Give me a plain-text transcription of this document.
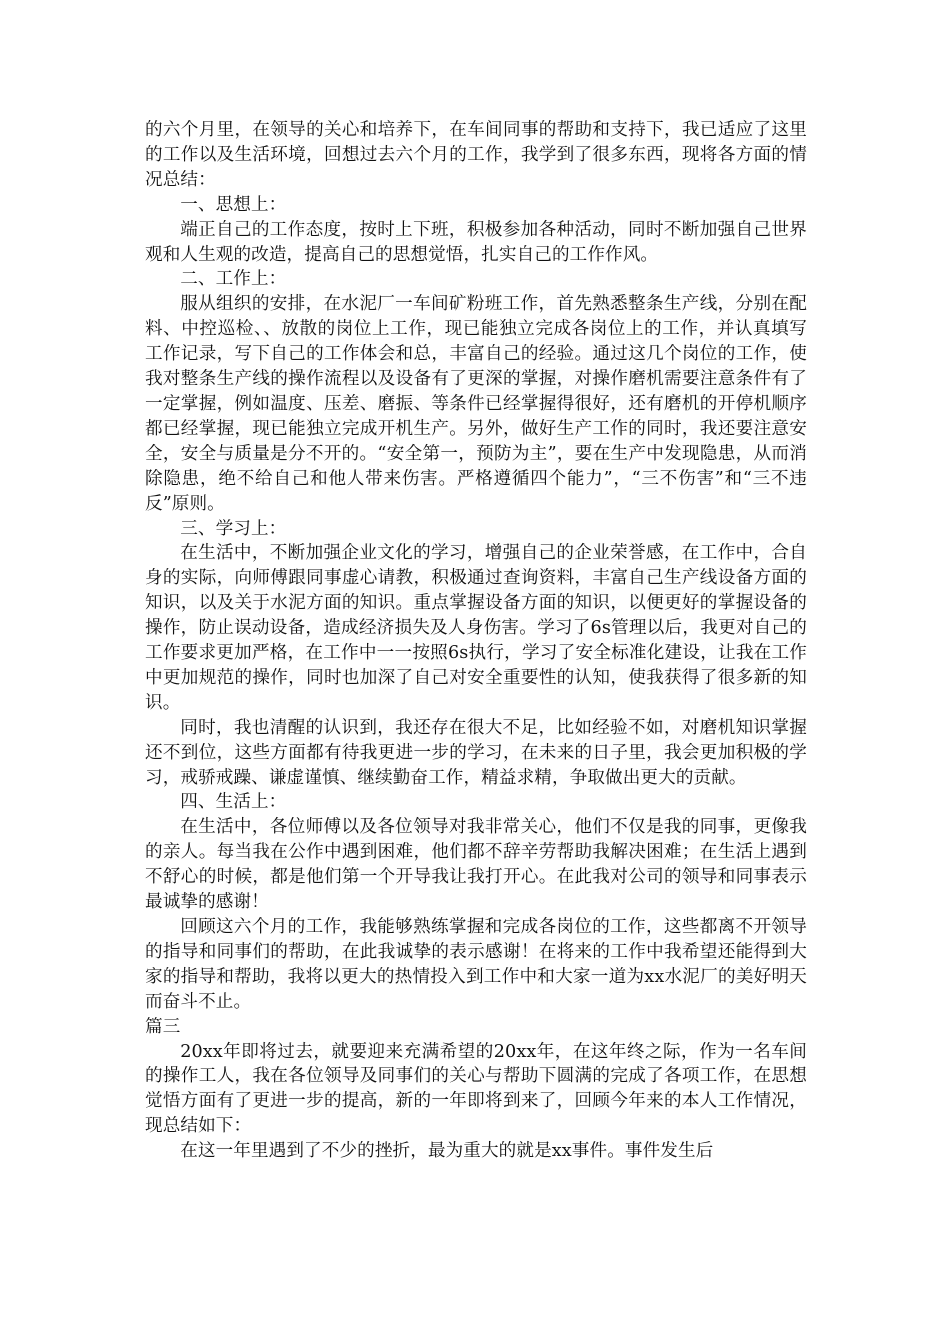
的六个月里，在领导的关心和培养下，在车间同事的帮助和支持下，我已适应了这里的工作以及生活环境，回想过去六个月的工作，我学到了很多东西，现将各方面的情况总结：

一、思想上：

端正自己的工作态度，按时上下班，积极参加各种活动，同时不断加强自己世界观和人生观的改造，提高自己的思想觉悟，扎实自己的工作作风。

二、工作上：

服从组织的安排，在水泥厂一车间矿粉班工作，首先熟悉整条生产线，分别在配料、中控巡检、、放散的岗位上工作，现已能独立完成各岗位上的工作，并认真填写工作记录，写下自己的工作体会和总，丰富自己的经验。通过这几个岗位的工作，使我对整条生产线的操作流程以及设备有了更深的掌握，对操作磨机需要注意条件有了一定掌握，例如温度、压差、磨振、等条件已经掌握得很好，还有磨机的开停机顺序都已经掌握，现已能独立完成开机生产。另外，做好生产工作的同时，我还要注意安全，安全与质量是分不开的。“安全第一，预防为主”，要在生产中发现隐患，从而消除隐患，绝不给自己和他人带来伤害。严格遵循四个能力”，“三不伤害”和“三不违反”原则。

三、学习上：

在生活中，不断加强企业文化的学习，增强自己的企业荣誉感，在工作中，合自身的实际，向师傅跟同事虚心请教，积极通过查询资料，丰富自己生产线设备方面的知识，以及关于水泥方面的知识。重点掌握设备方面的知识，以便更好的掌握设备的操作，防止误动设备，造成经济损失及人身伤害。学习了6s管理以后，我更对自己的工作要求更加严格，在工作中一一按照6s执行，学习了安全标准化建设，让我在工作中更加规范的操作，同时也加深了自己对安全重要性的认知，使我获得了很多新的知识。

同时，我也清醒的认识到，我还存在很大不足，比如经验不如，对磨机知识掌握还不到位，这些方面都有待我更进一步的学习，在未来的日子里，我会更加积极的学习，戒骄戒躁、谦虚谨慎、继续勤奋工作，精益求精，争取做出更大的贡献。

四、生活上：

在生活中，各位师傅以及各位领导对我非常关心，他们不仅是我的同事，更像我的亲人。每当我在公作中遇到困难，他们都不辞辛劳帮助我解决困难；在生活上遇到不舒心的时候，都是他们第一个开导我让我打开心。在此我对公司的领导和同事表示最诚挚的感谢！

回顾这六个月的工作，我能够熟练掌握和完成各岗位的工作，这些都离不开领导的指导和同事们的帮助，在此我诚挚的表示感谢！在将来的工作中我希望还能得到大家的指导和帮助，我将以更大的热情投入到工作中和大家一道为xx水泥厂的美好明天而奋斗不止。

篇三

20xx年即将过去，就要迎来充满希望的20xx年，在这年终之际，作为一名车间的操作工人，我在各位领导及同事们的关心与帮助下圆满的完成了各项工作，在思想觉悟方面有了更进一步的提高，新的一年即将到来了，回顾今年来的本人工作情况，现总结如下：

在这一年里遇到了不少的挫折，最为重大的就是xx事件。事件发生后
